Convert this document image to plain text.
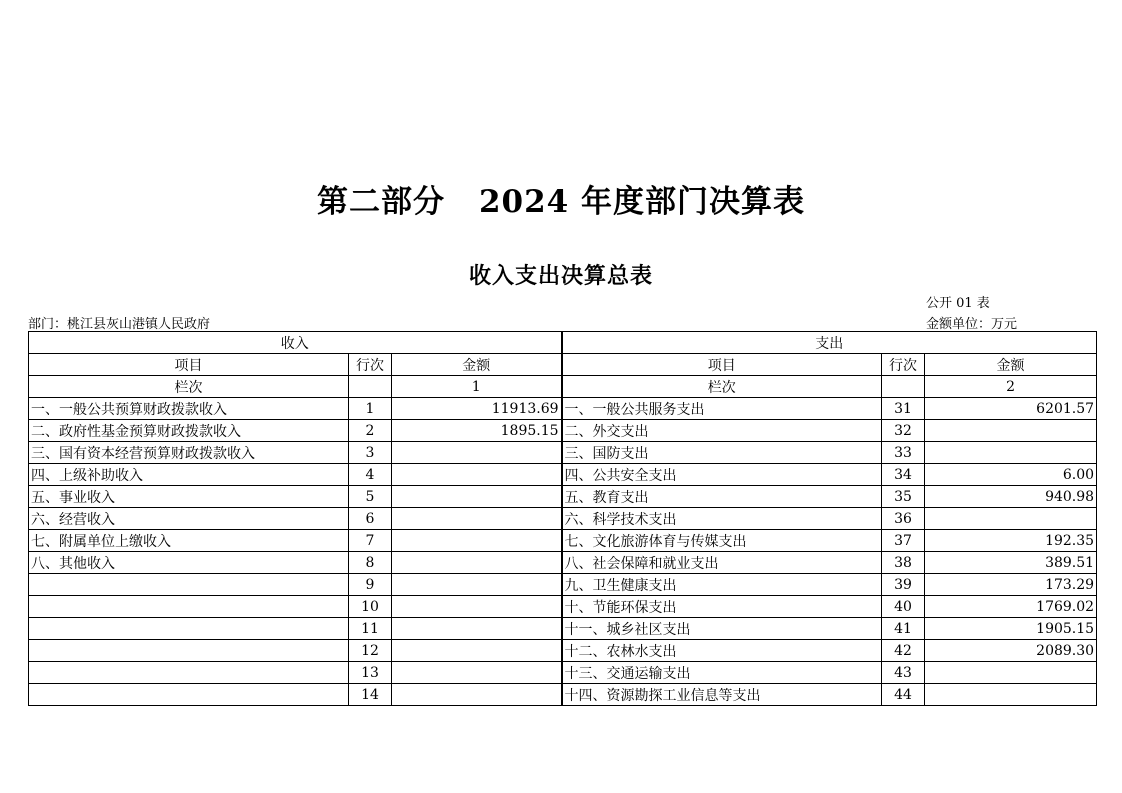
第二部分 2024 年度部门决算表
收入支出决算总表
公开 01 表
部门：桃江县灰山港镇人民政府	金额单位：万元
收入			支出		
项目	行次	金额	项目	行次	金额
栏次		1	栏次		2
一、一般公共预算财政拨款收入	1	11913.69	一、一般公共服务支出	31	6201.57
二、政府性基金预算财政拨款收入	2	1895.15	二、外交支出	32	
三、国有资本经营预算财政拨款收入	3		三、国防支出	33	
四、上级补助收入	4		四、公共安全支出	34	6.00
五、事业收入	5		五、教育支出	35	940.98
六、经营收入	6		六、科学技术支出	36	
七、附属单位上缴收入	7		七、文化旅游体育与传媒支出	37	192.35
八、其他收入	8		八、社会保障和就业支出	38	389.51
	9		九、卫生健康支出	39	173.29
	10		十、节能环保支出	40	1769.02
	11		十一、城乡社区支出	41	1905.15
	12		十二、农林水支出	42	2089.30
	13		十三、交通运输支出	43	
	14		十四、资源勘探工业信息等支出	44	
